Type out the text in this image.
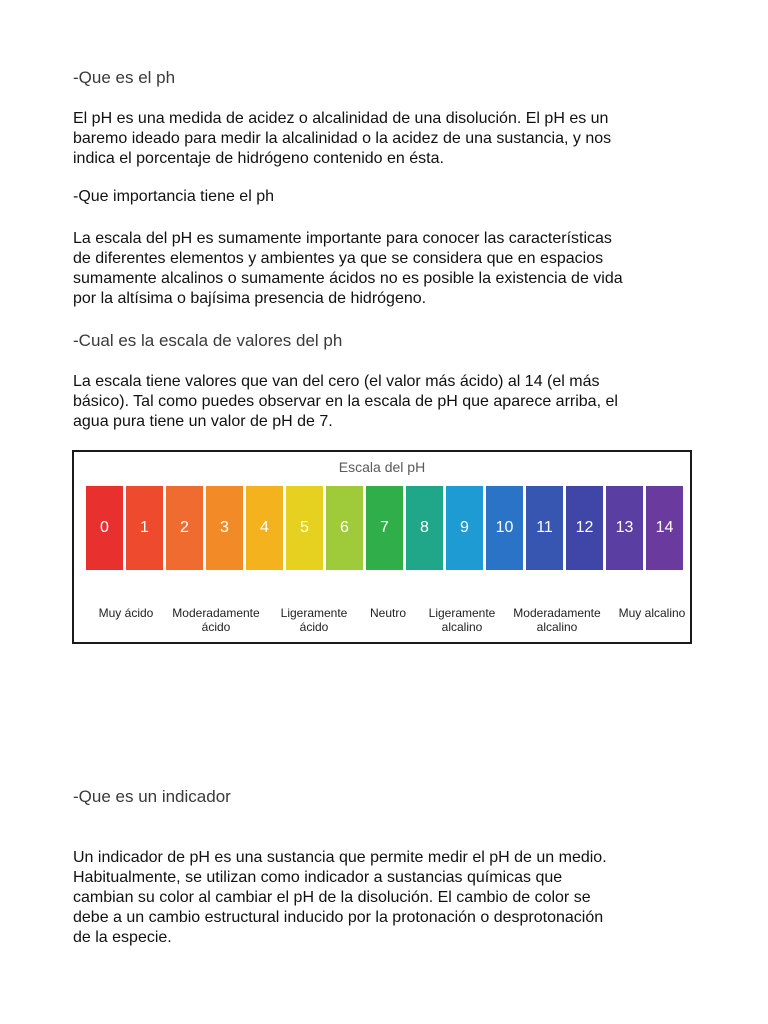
-Que es el ph
El pH es una medida de acidez o alcalinidad de una disolución. El pH es un
baremo ideado para medir la alcalinidad o la acidez de una sustancia, y nos
indica el porcentaje de hidrógeno contenido en ésta.
-Que importancia tiene el ph
La escala del pH es sumamente importante para conocer las características
de diferentes elementos y ambientes ya que se considera que en espacios
sumamente alcalinos o sumamente ácidos no es posible la existencia de vida
por la altísima o bajísima presencia de hidrógeno.
-Cual es la escala de valores del ph
La escala tiene valores que van del cero (el valor más ácido) al 14 (el más
básico). Tal como puedes observar en la escala de pH que aparece arriba, el
agua pura tiene un valor de pH de 7.
Escala del pH
0	1	2	3	4	5	6	7	8	9	10	11	12	13	14
Muy ácido	Moderadamente
ácido
Ligeramente
ácido
Neutro	Ligeramente
alcalino
Moderadamente
alcalino
Muy alcalino
-Que es un indicador
Un indicador de pH es una sustancia que permite medir el pH de un medio.
Habitualmente, se utilizan como indicador a sustancias químicas que
cambian su color al cambiar el pH de la disolución. El cambio de color se
debe a un cambio estructural inducido por la protonación o desprotonación
de la especie.
